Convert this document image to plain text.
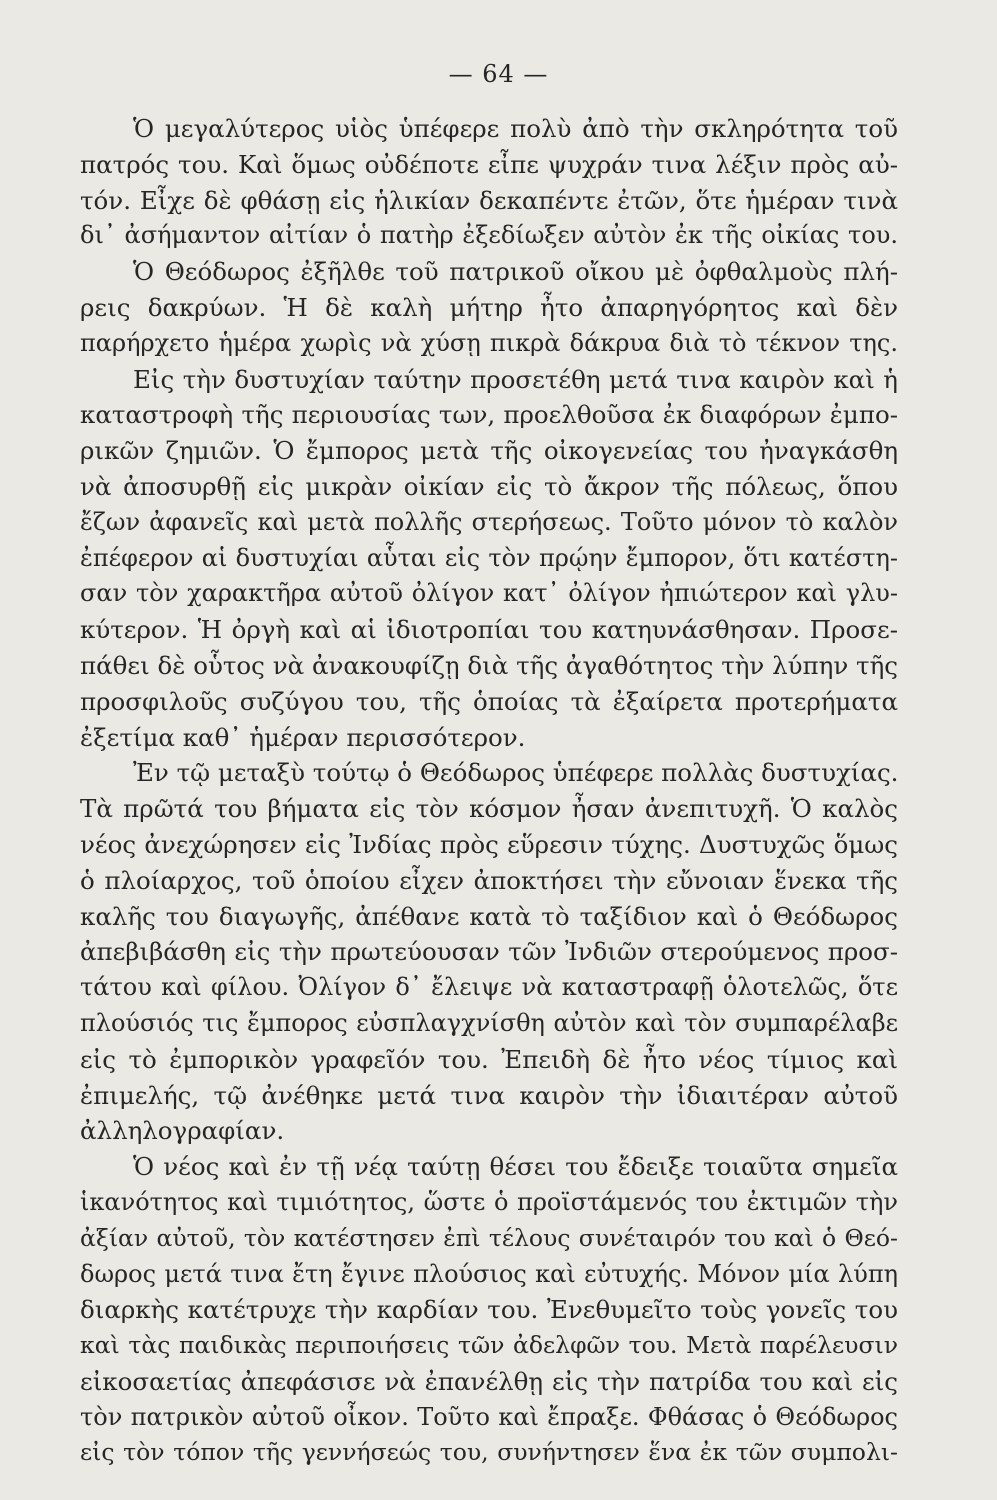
— 64 —
Ὁ μεγαλύτερος υἱὸς ὑπέφερε πολὺ ἀπὸ τὴν σκληρότητα τοῦ
πατρός του. Καὶ ὅμως οὐδέποτε εἶπε ψυχράν τινα λέξιν πρὸς αὐ-
τόν. Εἶχε δὲ φθάσῃ εἰς ἡλικίαν δεκαπέντε ἐτῶν, ὅτε ἡμέραν τινὰ
δι᾽ ἀσήμαντον αἰτίαν ὁ πατὴρ ἐξεδίωξεν αὐτὸν ἐκ τῆς οἰκίας του.
Ὁ Θεόδωρος ἐξῆλθε τοῦ πατρικοῦ οἴκου μὲ ὀφθαλμοὺς πλή-
ρεις δακρύων. Ἡ δὲ καλὴ μήτηρ ἦτο ἀπαρηγόρητος καὶ δὲν
παρήρχετο ἡμέρα χωρὶς νὰ χύσῃ πικρὰ δάκρυα διὰ τὸ τέκνον της.
Εἰς τὴν δυστυχίαν ταύτην προσετέθη μετά τινα καιρὸν καὶ ἡ
καταστροφὴ τῆς περιουσίας των, προελθοῦσα ἐκ διαφόρων ἐμπο-
ρικῶν ζημιῶν. Ὁ ἔμπορος μετὰ τῆς οἰκογενείας του ἠναγκάσθη
νὰ ἀποσυρθῇ εἰς μικρὰν οἰκίαν εἰς τὸ ἄκρον τῆς πόλεως, ὅπου
ἔζων ἀφανεῖς καὶ μετὰ πολλῆς στερήσεως. Τοῦτο μόνον τὸ καλὸν
ἐπέφερον αἱ δυστυχίαι αὗται εἰς τὸν πρῴην ἔμπορον, ὅτι κατέστη-
σαν τὸν χαρακτῆρα αὐτοῦ ὀλίγον κατ᾽ ὀλίγον ἠπιώτερον καὶ γλυ-
κύτερον. Ἡ ὀργὴ καὶ αἱ ἰδιοτροπίαι του κατηυνάσθησαν. Προσε-
πάθει δὲ οὗτος νὰ ἀνακουφίζῃ διὰ τῆς ἀγαθότητος τὴν λύπην τῆς
προσφιλοῦς συζύγου του, τῆς ὁποίας τὰ ἐξαίρετα προτερήματα
ἐξετίμα καθ᾽ ἡμέραν περισσότερον.
Ἐν τῷ μεταξὺ τούτῳ ὁ Θεόδωρος ὑπέφερε πολλὰς δυστυχίας.
Τὰ πρῶτά του βήματα εἰς τὸν κόσμον ἦσαν ἀνεπιτυχῆ. Ὁ καλὸς
νέος ἀνεχώρησεν εἰς Ἰνδίας πρὸς εὕρεσιν τύχης. Δυστυχῶς ὅμως
ὁ πλοίαρχος, τοῦ ὁποίου εἶχεν ἀποκτήσει τὴν εὔνοιαν ἕνεκα τῆς
καλῆς του διαγωγῆς, ἀπέθανε κατὰ τὸ ταξίδιον καὶ ὁ Θεόδωρος
ἀπεβιβάσθη εἰς τὴν πρωτεύουσαν τῶν Ἰνδιῶν στερούμενος προσ-
τάτου καὶ φίλου. Ὀλίγον δ᾽ ἔλειψε νὰ καταστραφῇ ὁλοτελῶς, ὅτε
πλούσιός τις ἔμπορος εὐσπλαγχνίσθη αὐτὸν καὶ τὸν συμπαρέλαβε
εἰς τὸ ἐμπορικὸν γραφεῖόν του. Ἐπειδὴ δὲ ἦτο νέος τίμιος καὶ
ἐπιμελής, τῷ ἀνέθηκε μετά τινα καιρὸν τὴν ἰδιαιτέραν αὐτοῦ
ἀλληλογραφίαν.
Ὁ νέος καὶ ἐν τῇ νέᾳ ταύτῃ θέσει του ἔδειξε τοιαῦτα σημεῖα
ἱκανότητος καὶ τιμιότητος, ὥστε ὁ προϊστάμενός του ἐκτιμῶν τὴν
ἀξίαν αὐτοῦ, τὸν κατέστησεν ἐπὶ τέλους συνέταιρόν του καὶ ὁ Θεό-
δωρος μετά τινα ἔτη ἔγινε πλούσιος καὶ εὐτυχής. Μόνον μία λύπη
διαρκὴς κατέτρυχε τὴν καρδίαν του. Ἐνεθυμεῖτο τοὺς γονεῖς του
καὶ τὰς παιδικὰς περιποιήσεις τῶν ἀδελφῶν του. Μετὰ παρέλευσιν
εἰκοσαετίας ἀπεφάσισε νὰ ἐπανέλθῃ εἰς τὴν πατρίδα του καὶ εἰς
τὸν πατρικὸν αὐτοῦ οἶκον. Τοῦτο καὶ ἔπραξε. Φθάσας ὁ Θεόδωρος
εἰς τὸν τόπον τῆς γεννήσεώς του, συνήντησεν ἕνα ἐκ τῶν συμπολι-
